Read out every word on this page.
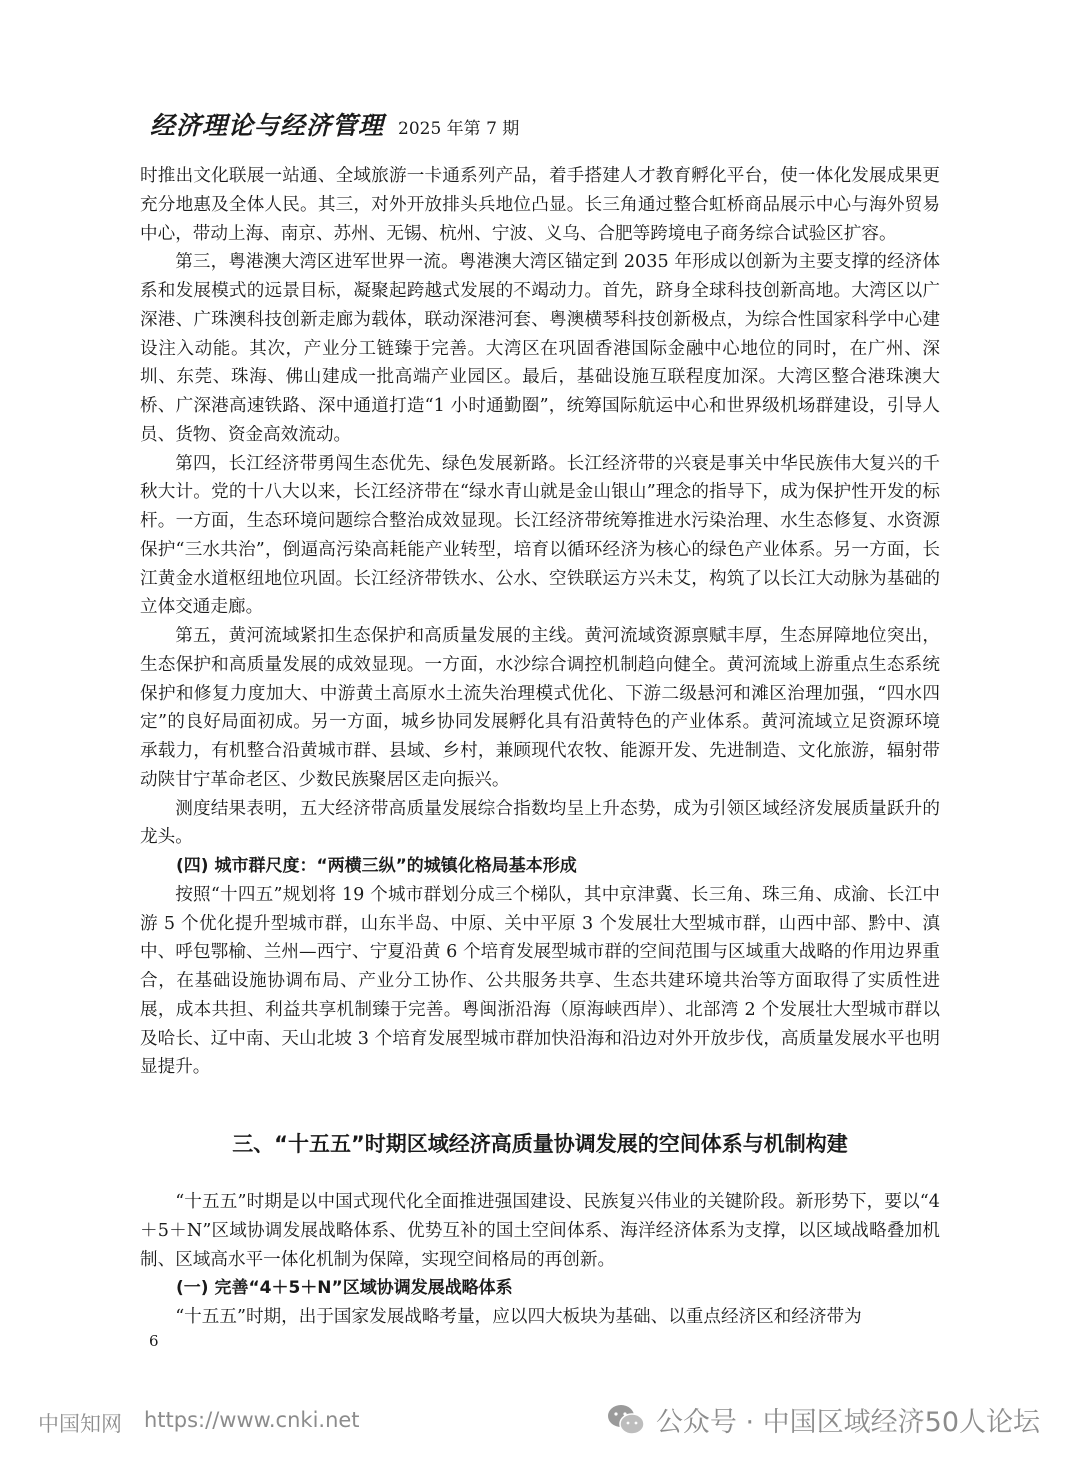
经济理论与经济管理 2025 年第 7 期

时推出文化联展一站通、全域旅游一卡通系列产品，着手搭建人才教育孵化平台，使一体化发展成果更充分地惠及全体人民。其三，对外开放排头兵地位凸显。长三角通过整合虹桥商品展示中心与海外贸易中心，带动上海、南京、苏州、无锡、杭州、宁波、义乌、合肥等跨境电子商务综合试验区扩容。

第三，粤港澳大湾区进军世界一流。粤港澳大湾区锚定到 2035 年形成以创新为主要支撑的经济体系和发展模式的远景目标，凝聚起跨越式发展的不竭动力。首先，跻身全球科技创新高地。大湾区以广深港、广珠澳科技创新走廊为载体，联动深港河套、粤澳横琴科技创新极点，为综合性国家科学中心建设注入动能。其次，产业分工链臻于完善。大湾区在巩固香港国际金融中心地位的同时，在广州、深圳、东莞、珠海、佛山建成一批高端产业园区。最后，基础设施互联程度加深。大湾区整合港珠澳大桥、广深港高速铁路、深中通道打造“1 小时通勤圈”，统筹国际航运中心和世界级机场群建设，引导人员、货物、资金高效流动。

第四，长江经济带勇闯生态优先、绿色发展新路。长江经济带的兴衰是事关中华民族伟大复兴的千秋大计。党的十八大以来，长江经济带在“绿水青山就是金山银山”理念的指导下，成为保护性开发的标杆。一方面，生态环境问题综合整治成效显现。长江经济带统筹推进水污染治理、水生态修复、水资源保护“三水共治”，倒逼高污染高耗能产业转型，培育以循环经济为核心的绿色产业体系。另一方面，长江黄金水道枢纽地位巩固。长江经济带铁水、公水、空铁联运方兴未艾，构筑了以长江大动脉为基础的立体交通走廊。

第五，黄河流域紧扣生态保护和高质量发展的主线。黄河流域资源禀赋丰厚，生态屏障地位突出，生态保护和高质量发展的成效显现。一方面，水沙综合调控机制趋向健全。黄河流域上游重点生态系统保护和修复力度加大、中游黄土高原水土流失治理模式优化、下游二级悬河和滩区治理加强，“四水四定”的良好局面初成。另一方面，城乡协同发展孵化具有沿黄特色的产业体系。黄河流域立足资源环境承载力，有机整合沿黄城市群、县域、乡村，兼顾现代农牧、能源开发、先进制造、文化旅游，辐射带动陕甘宁革命老区、少数民族聚居区走向振兴。

测度结果表明，五大经济带高质量发展综合指数均呈上升态势，成为引领区域经济发展质量跃升的龙头。

(四) 城市群尺度：“两横三纵”的城镇化格局基本形成

按照“十四五”规划将 19 个城市群划分成三个梯队，其中京津冀、长三角、珠三角、成渝、长江中游 5 个优化提升型城市群，山东半岛、中原、关中平原 3 个发展壮大型城市群，山西中部、黔中、滇中、呼包鄂榆、兰州—西宁、宁夏沿黄 6 个培育发展型城市群的空间范围与区域重大战略的作用边界重合，在基础设施协调布局、产业分工协作、公共服务共享、生态共建环境共治等方面取得了实质性进展，成本共担、利益共享机制臻于完善。粤闽浙沿海（原海峡西岸）、北部湾 2 个发展壮大型城市群以及哈长、辽中南、天山北坡 3 个培育发展型城市群加快沿海和沿边对外开放步伐，高质量发展水平也明显提升。

三、“十五五”时期区域经济高质量协调发展的空间体系与机制构建

“十五五”时期是以中国式现代化全面推进强国建设、民族复兴伟业的关键阶段。新形势下，要以“4＋5＋N”区域协调发展战略体系、优势互补的国土空间体系、海洋经济体系为支撑，以区域战略叠加机制、区域高水平一体化机制为保障，实现空间格局的再创新。

(一) 完善“4＋5＋N”区域协调发展战略体系

“十五五”时期，出于国家发展战略考量，应以四大板块为基础、以重点经济区和经济带为

6
中国知网 https://www.cnki.net	公众号 · 中国区域经济50人论坛
